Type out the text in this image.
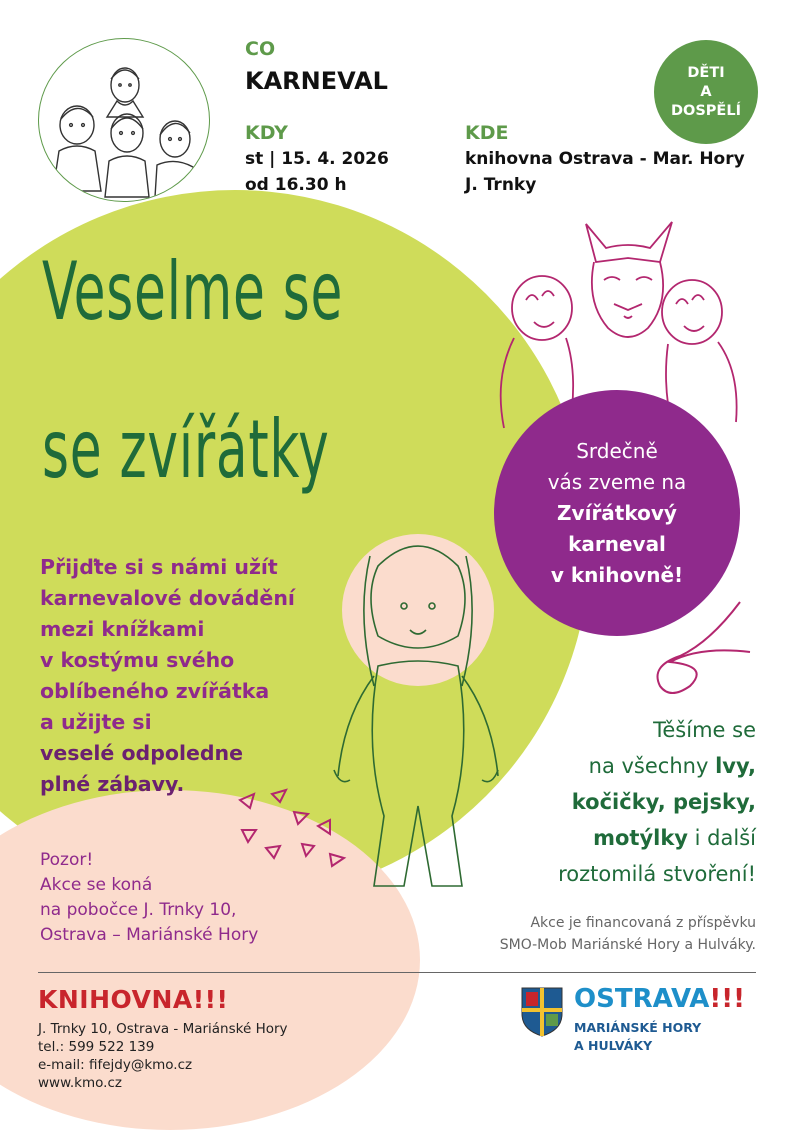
CO
KARNEVAL
KDY
st | 15. 4. 2026
od 16.30 h
KDE
knihovna Ostrava - Mar. Hory
J. Trnky
DĚTI
A
DOSPĚLÍ
Veselme se
se zvířátky	Srdečně
vás zveme na
Zvířátkový
karneval
v knihovně!
Přijďte si s námi užít
karnevalové dovádění
mezi knížkami
v kostýmu svého
oblíbeného zvířátka
a užijte si
veselé odpoledne
plné zábavy.
Těšíme se
na všechny lvy,
kočičky, pejsky,
motýlky i další
roztomilá stvoření!
Pozor!
Akce se koná
na pobočce J. Trnky 10,
Ostrava – Mariánské Hory
Akce je financovaná z příspěvku
SMO-Mob Mariánské Hory a Hulváky.
KNIHOVNA!!!
J. Trnky 10, Ostrava - Mariánské Hory
tel.: 599 522 139
e-mail: fifejdy@kmo.cz
www.kmo.cz
OSTRAVA!!!
MARIÁNSKÉ HORY
A HULVÁKY
